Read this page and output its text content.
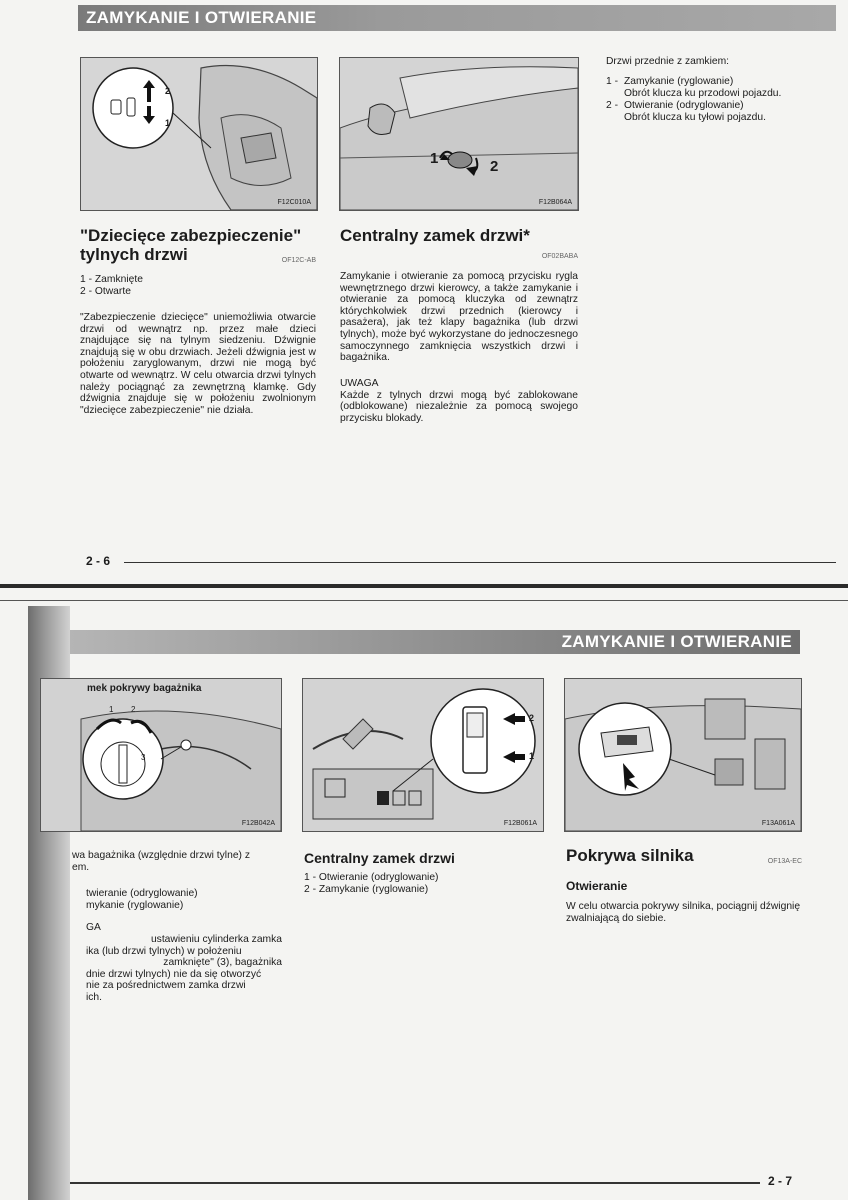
ZAMYKANIE I OTWIERANIE
2
1
F12C010A
1	2
F12B064A
Drzwi przednie z zamkiem:
1 - Zamykanie (ryglowanie)
Obrót klucza ku przodowi pojazdu.
2 - Otwieranie (odryglowanie)
Obrót klucza ku tyłowi pojazdu.
"Dziecięce zabezpieczenie"
tylnych drzwi	OF12C-AB
1 - Zamknięte
2 - Otwarte
"Zabezpieczenie dziecięce" uniemożliwia otwarcie drzwi od wewnątrz np. przez małe dzieci znajdujące się na tylnym siedzeniu. Dźwignie znajdują się w obu drzwiach. Jeżeli dźwignia jest w położeniu zaryglowanym, drzwi nie mogą być otwarte od wewnątrz. W celu otwarcia drzwi tylnych należy pociągnąć za zewnętrzną klamkę. Gdy dźwignia znajduje się w położeniu zwolnionym "dziecięce zabezpieczenie" nie działa.
Centralny zamek drzwi*
OF02BABA
Zamykanie i otwieranie za pomocą przycisku rygla wewnętrznego drzwi kierowcy, a także zamykanie i otwieranie za pomocą kluczyka od zewnątrz którychkolwiek drzwi przednich (kierowcy i pasażera), jak też klapy bagażnika (lub drzwi tylnych), może być wykorzystane do jednoczesnego samoczynnego zamknięcia wszystkich drzwi i bagażnika.
UWAGA
Każde z tylnych drzwi mogą być zablokowane (odblokowane) niezależnie za pomocą swojego przycisku blokady.
2 - 6
ZAMYKANIE I OTWIERANIE
mek pokrywy bagażnika
1 2
3
F12B042A
2
1
F12B061A	F13A061A
wa bagażnika (względnie drzwi tylne) z
em.
twieranie (odryglowanie)
mykanie (ryglowanie)
GA
ustawieniu cylinderka zamka
ika (lub drzwi tylnych) w położeniu
zamknięte" (3), bagażnika
dnie drzwi tylnych) nie da się otworzyć
nie za pośrednictwem zamka drzwi
ich.
Centralny zamek drzwi
1 - Otwieranie (odryglowanie)
2 - Zamykanie (ryglowanie)
Pokrywa silnika	OF13A-EC
Otwieranie
W celu otwarcia pokrywy silnika, pociągnij dźwignię zwalniającą do siebie.
2 - 7
